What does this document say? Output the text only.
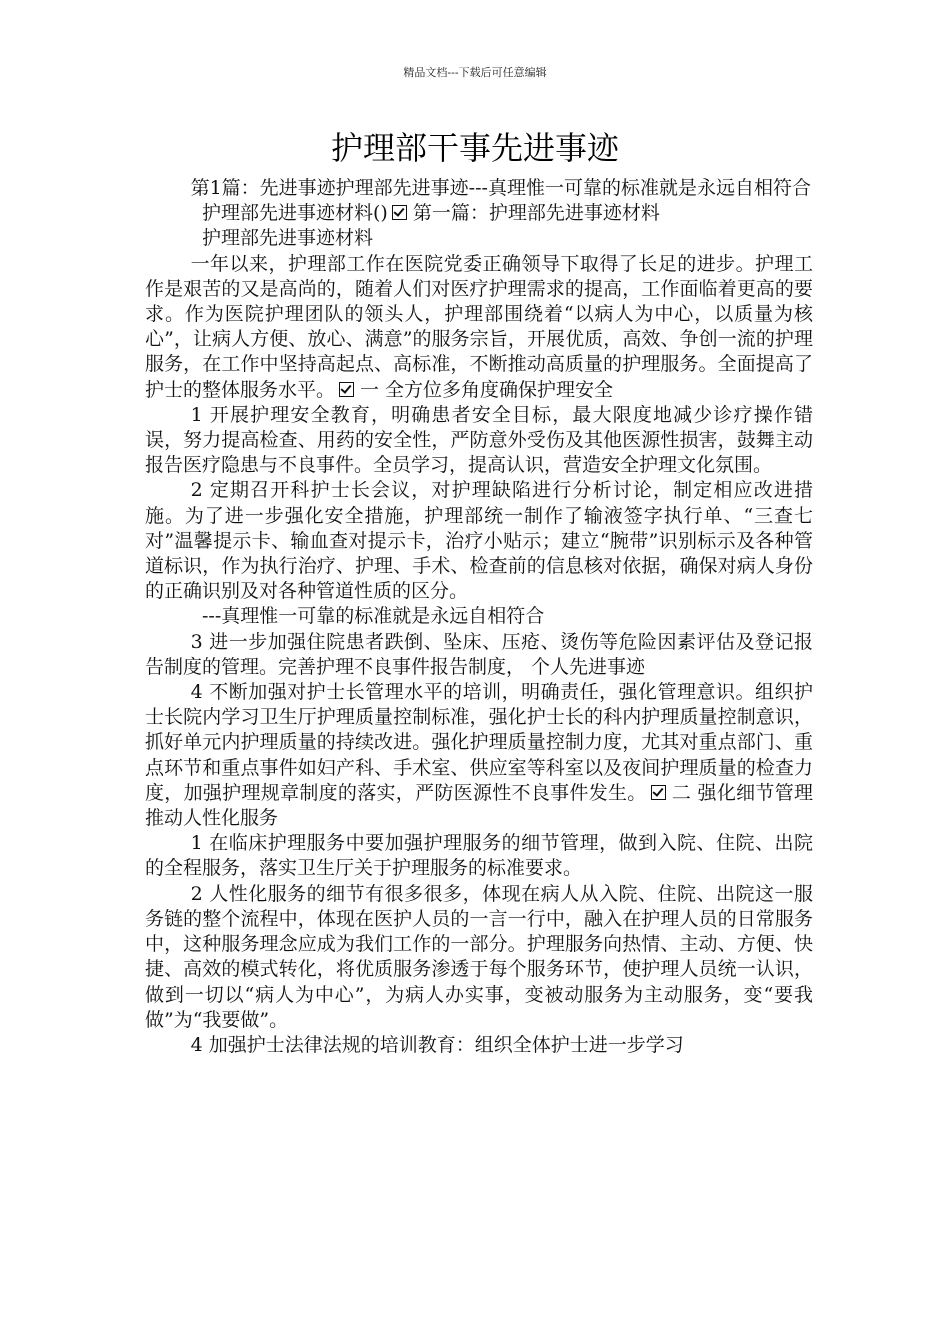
精品文档---下载后可任意编辑
护理部干事先进事迹

第1篇：先进事迹护理部先进事迹---真理惟一可靠的标准就是永远自相符合

护理部先进事迹材料() 第一篇：护理部先进事迹材料

护理部先进事迹材料

一年以来，护理部工作在医院党委正确领导下取得了长足的进步。护理工作是艰苦的又是高尚的，随着人们对医疗护理需求的提高，工作面临着更高的要求。作为医院护理团队的领头人，护理部围绕着“以病人为中心，以质量为核心”，让病人方便、放心、满意”的服务宗旨，开展优质，高效、争创一流的护理服务，在工作中坚持高起点、高标准，不断推动高质量的护理服务。全面提高了护士的整体服务水平。 一 全方位多角度确保护理安全

1 开展护理安全教育，明确患者安全目标，最大限度地减少诊疗操作错误，努力提高检查、用药的安全性，严防意外受伤及其他医源性损害，鼓舞主动报告医疗隐患与不良事件。全员学习，提高认识，营造安全护理文化氛围。

2 定期召开科护士长会议，对护理缺陷进行分析讨论，制定相应改进措施。为了进一步强化安全措施，护理部统一制作了输液签字执行单、“三查七对”温馨提示卡、输血查对提示卡，治疗小贴示；建立“腕带”识别标示及各种管道标识，作为执行治疗、护理、手术、检查前的信息核对依据，确保对病人身份的正确识别及对各种管道性质的区分。

---真理惟一可靠的标准就是永远自相符合

3 进一步加强住院患者跌倒、坠床、压疮、烫伤等危险因素评估及登记报告制度的管理。完善护理不良事件报告制度， 个人先进事迹

4 不断加强对护士长管理水平的培训，明确责任，强化管理意识。组织护士长院内学习卫生厅护理质量控制标准，强化护士长的科内护理质量控制意识，抓好单元内护理质量的持续改进。强化护理质量控制力度，尤其对重点部门、重点环节和重点事件如妇产科、手术室、供应室等科室以及夜间护理质量的检查力度，加强护理规章制度的落实，严防医源性不良事件发生。 二 强化细节管理推动人性化服务

1 在临床护理服务中要加强护理服务的细节管理，做到入院、住院、出院的全程服务，落实卫生厅关于护理服务的标准要求。

2 人性化服务的细节有很多很多，体现在病人从入院、住院、出院这一服务链的整个流程中，体现在医护人员的一言一行中，融入在护理人员的日常服务中，这种服务理念应成为我们工作的一部分。护理服务向热情、主动、方便、快捷、高效的模式转化，将优质服务渗透于每个服务环节，使护理人员统一认识，做到一切以“病人为中心”，为病人办实事，变被动服务为主动服务，变“要我做”为“我要做”。

4 加强护士法律法规的培训教育：组织全体护士进一步学习
